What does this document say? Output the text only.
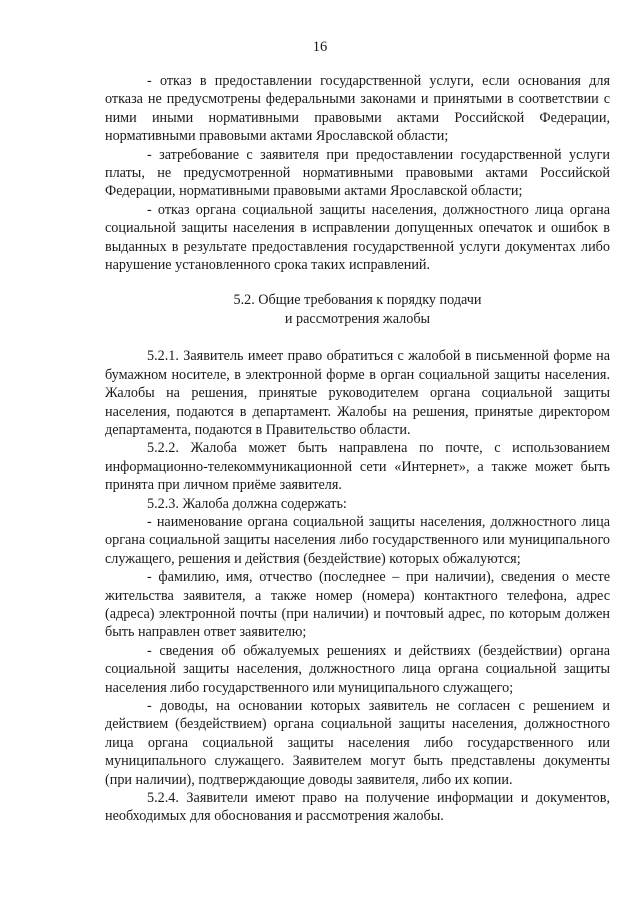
16

- отказ в предоставлении государственной услуги, если основания для отказа не предусмотрены федеральными законами и принятыми в соответствии с ними иными нормативными правовыми актами Российской Федерации, нормативными правовыми актами Ярославской области;

- затребование с заявителя при предоставлении государственной услуги платы, не предусмотренной нормативными правовыми актами Российской Федерации, нормативными правовыми актами Ярославской области;

- отказ органа социальной защиты населения, должностного лица органа социальной защиты населения в исправлении допущенных опечаток и ошибок в выданных в результате предоставления государственной услуги документах либо нарушение установленного срока таких исправлений.

5.2. Общие требования к порядку подачи
и рассмотрения жалобы

5.2.1. Заявитель имеет право обратиться с жалобой в письменной форме на бумажном носителе, в электронной форме в орган социальной защиты населения. Жалобы на решения, принятые руководителем органа социальной защиты населения, подаются в департамент. Жалобы на решения, принятые директором департамента, подаются в Правительство области.

5.2.2. Жалоба может быть направлена по почте, с использованием информационно-телекоммуникационной сети «Интернет», а также может быть принята при личном приёме заявителя.

5.2.3. Жалоба должна содержать:

- наименование органа социальной защиты населения, должностного лица органа социальной защиты населения либо государственного или муниципального служащего, решения и действия (бездействие) которых обжалуются;

- фамилию, имя, отчество (последнее – при наличии), сведения о месте жительства заявителя, а также номер (номера) контактного телефона, адрес (адреса) электронной почты (при наличии) и почтовый адрес, по которым должен быть направлен ответ заявителю;

- сведения об обжалуемых решениях и действиях (бездействии) органа социальной защиты населения, должностного лица органа социальной защиты населения либо государственного или муниципального служащего;

- доводы, на основании которых заявитель не согласен с решением и действием (бездействием) органа социальной защиты населения, должностного лица органа социальной защиты населения либо государственного или муниципального служащего. Заявителем могут быть представлены документы (при наличии), подтверждающие доводы заявителя, либо их копии.

5.2.4. Заявители имеют право на получение информации и документов, необходимых для обоснования и рассмотрения жалобы.
